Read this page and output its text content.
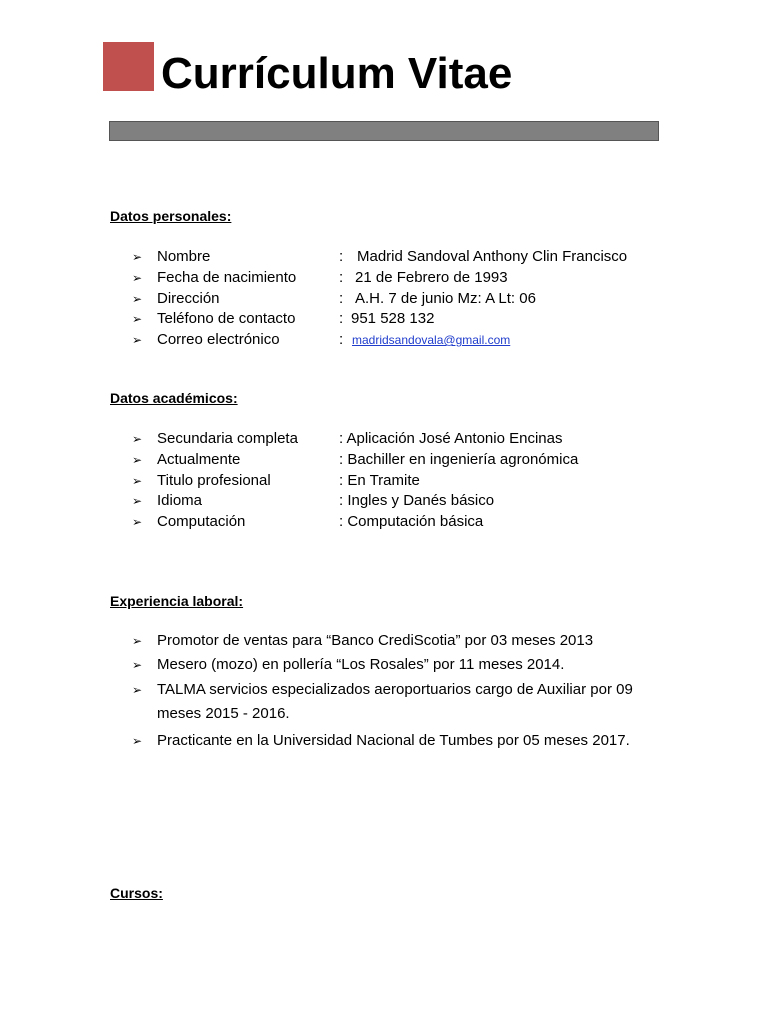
Currículum Vitae
Datos personales:
➢ Nombre	: Madrid Sandoval Anthony Clin Francisco
➢ Fecha de nacimiento	: 21 de Febrero de 1993
➢ Dirección	: A.H. 7 de junio Mz: A Lt: 06
➢ Teléfono de contacto	: 951 528 132
➢ Correo electrónico	: madridsandovala@gmail.com
Datos académicos:
➢ Secundaria completa	: Aplicación José Antonio Encinas
➢ Actualmente	: Bachiller en ingeniería agronómica
➢ Titulo profesional	: En Tramite
➢ Idioma	: Ingles y Danés básico
➢ Computación	: Computación básica
Experiencia laboral:
➢ Promotor de ventas para “Banco CrediScotia” por 03 meses 2013
➢ Mesero (mozo) en pollería “Los Rosales” por 11 meses 2014.
➢ TALMA servicios especializados aeroportuarios cargo de Auxiliar por 09 meses 2015 - 2016.
➢ Practicante en la Universidad Nacional de Tumbes por 05 meses 2017.
Cursos:
